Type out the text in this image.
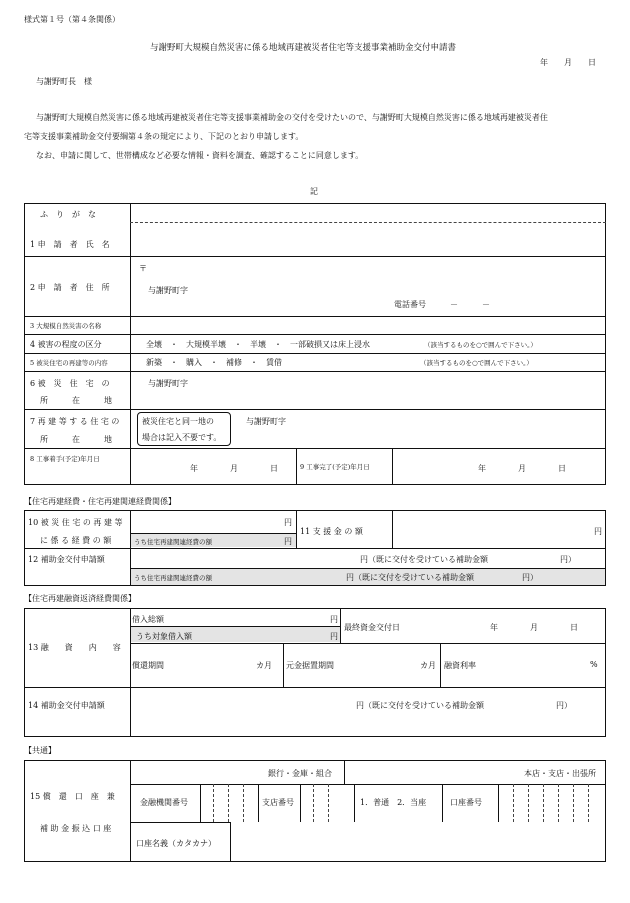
様式第１号（第４条関係）
与謝野町大規模自然災害に係る地域再建被災者住宅等支援事業補助金交付申請書
年　　月　　日
与謝野町長　様
与謝野町大規模自然災害に係る地域再建被災者住宅等支援事業補助金の交付を受けたいので、与謝野町大規模自然災害に係る地域再建被災者住
宅等支援事業補助金交付要綱第４条の規定により、下記のとおり申請します。
なお、申請に関して、世帯構成など必要な情報・資料を調査、確認することに同意します。
記
ふ　り　が　な
1 申　請　者　氏　名
2 申　請　者　住　所
〒
与謝野町字
電話番号　　　－　　　－
3 大規模自然災害の名称
4 被害の程度の区分	全壊　・　大規模半壊　・　半壊　・　一部破損又は床上浸水	（該当するものを○で囲んで下さい。）
5 被災住宅の再建等の内容	新築　・　購入　・　補修　・　賃借	（該当するものを○で囲んで下さい。）
6 被　災　住　宅　の
所　　　在　　　地
与謝野町字
7 再 建 等 す る 住 宅 の
所　　　在　　　地
被災住宅と同一地の
場合は記入不要です。
与謝野町字
8 工事着手(予定)年月日
年　　　　月　　　　日	9 工事完了(予定)年月日	年　　　　月　　　　日
【住宅再建経費・住宅再建関連経費関係】
10 被 災 住 宅 の 再 建 等
に 係 る 経 費 の 額
円
うち住宅再建関連経費の額	円
11 支 援 金 の 額	円
12 補助金交付申請額	円（既に交付を受けている補助金額　　　　　　　　　円）
うち住宅再建関連経費の額	円（既に交付を受けている補助金額　　　　　　円）
【住宅再建融資返済経費関係】
借入総額	円
うち対象借入額	円
最終資金交付日	年　　　　月　　　　日
13 融　　資　　内　　容
償還期間	カ月 元金据置期間	カ月 融資利率	%
14 補助金交付申請額	円（既に交付を受けている補助金額　　　　　　　　　円）
【共通】
15 償　還　口　座　兼
補 助 金 振 込 口 座
銀行・金庫・組合	本店・支店・出張所
金融機関番号	支店番号	1．普通　2．当座	口座番号
口座名義（カタカナ）
